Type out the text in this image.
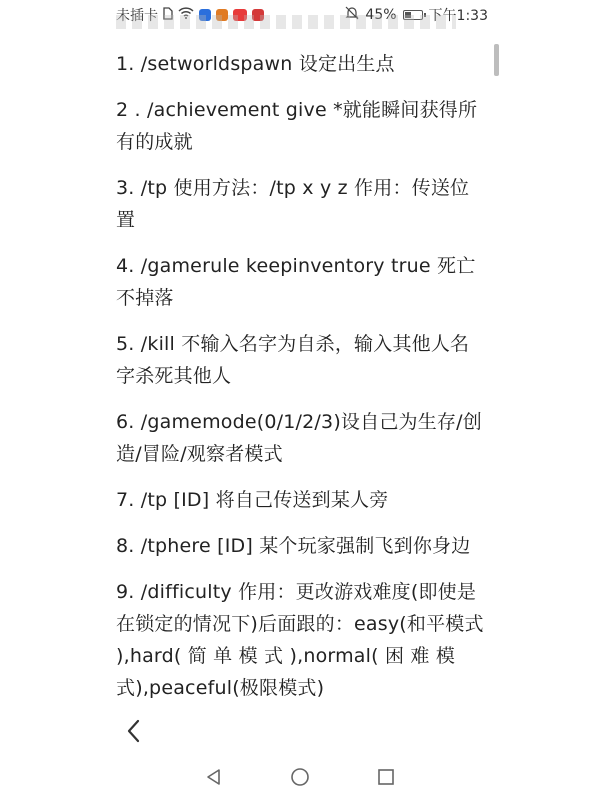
未插卡	45% 下午1:33

1. /setworldspawn 设定出生点

2 . /achievement give *就能瞬间获得所有的成就

3. /tp 使用方法：/tp x y z 作用：传送位置

4. /gamerule keepinventory true 死亡不掉落

5. /kill 不输入名字为自杀，输入其他人名字杀死其他人

6. /gamemode(0/1/2/3)设自己为生存/创造/冒险/观察者模式

7. /tp [ID] 将自己传送到某人旁

8. /tphere [ID] 某个玩家强制飞到你身边

9. /difficulty 作用：更改游戏难度(即使是在锁定的情况下)后面跟的：easy(和平模式 ),hard( 简 单 模 式 ),normal( 困 难 模 式),peaceful(极限模式)
